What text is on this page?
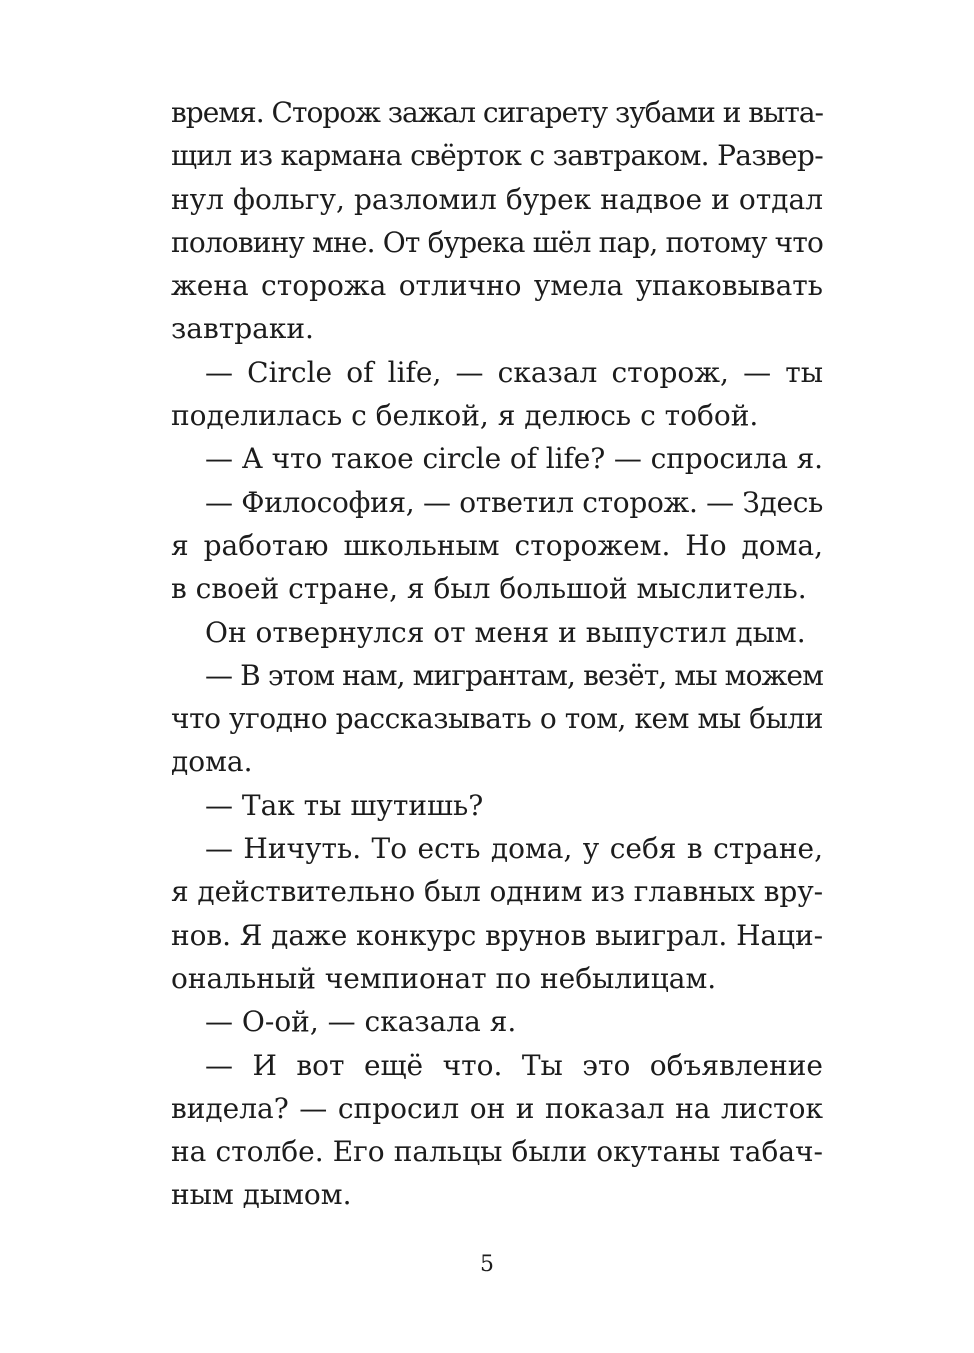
время. Сторож зажал сигарету зубами и выта-
щил из кармана свёрток с завтраком. Развер-
нул фольгу, разломил бурек надвое и отдал
половину мне. От бурека шёл пар, потому что
жена сторожа отлично умела упаковывать
завтраки.
— Circle of life, — сказал сторож, — ты
поделилась с белкой, я делюсь с тобой.
— А что такое circle of life? — спросила я.
— Философия, — ответил сторож. — Здесь
я работаю школьным сторожем. Но дома,
в своей стране, я был большой мыслитель.
Он отвернулся от меня и выпустил дым.
— В этом нам, мигрантам, везёт, мы можем
что угодно рассказывать о том, кем мы были
дома.
— Так ты шутишь?
— Ничуть. То есть дома, у себя в стране,
я действительно был одним из главных вру-
нов. Я даже конкурс врунов выиграл. Наци-
ональный чемпионат по небылицам.
— О-ой, — сказала я.
— И вот ещё что. Ты это объявление
видела? — спросил он и показал на листок
на столбе. Его пальцы были окутаны табач-
ным дымом.
5
